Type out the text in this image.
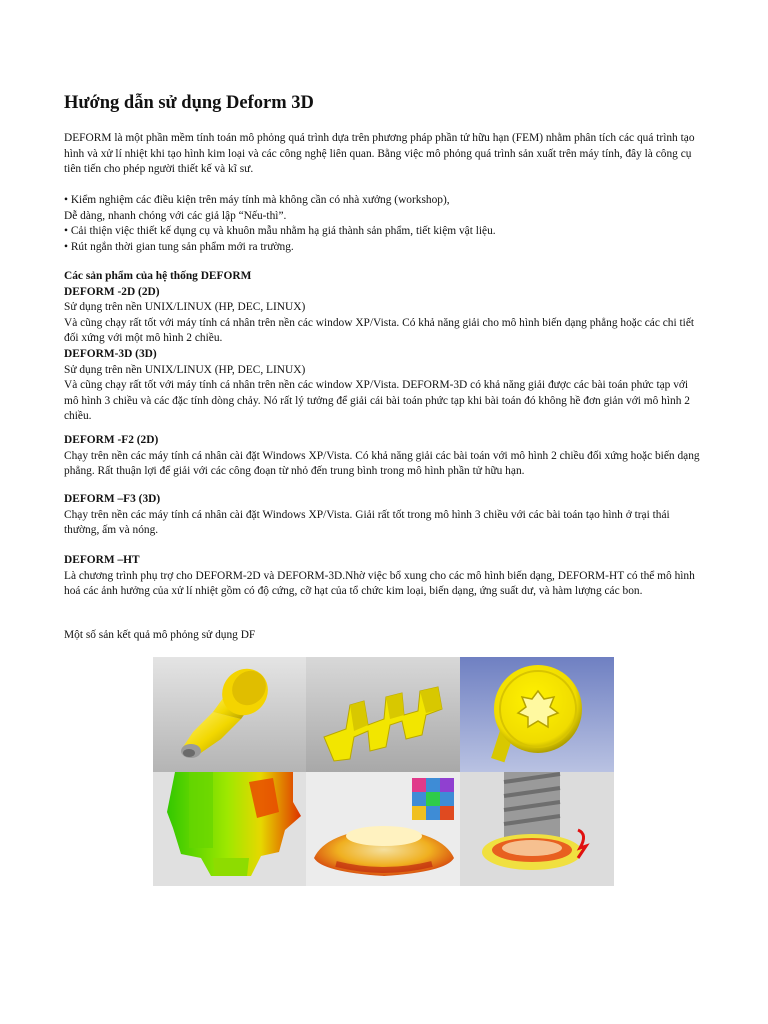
Hướng dẫn sử dụng Deform 3D
DEFORM là một phần mềm tính toán mô phỏng quá trình dựa trên phương pháp phần tử hữu hạn (FEM) nhằm phân tích các quá trình tạo hình và xử lí nhiệt khi tạo hình kim loại và các công nghệ liên quan. Bằng việc mô phỏng quá trình sản xuất trên máy tính, đây là công cụ tiên tiến cho phép người thiết kế và kĩ sư.

• Kiểm nghiệm các điều kiện trên máy tính mà không cần có nhà xưởng (workshop),

Dễ dàng, nhanh chóng với các giả lập “Nếu-thì”.

• Cải thiện việc thiết kế dụng cụ và khuôn mẫu nhằm hạ giá thành sản phẩm, tiết kiệm vật liệu.

• Rút ngắn thời gian tung sản phẩm mới ra trường.

Các sản phẩm của hệ thống DEFORM

DEFORM -2D (2D)

Sử dụng trên nền UNIX/LINUX (HP, DEC, LINUX)

Và cũng chạy rất tốt với máy tính cá nhân trên nền các window XP/Vista. Có khả năng giải cho mô hình biến dạng phẳng hoặc các chi tiết đối xứng với một mô hình 2 chiều.

DEFORM-3D (3D)

Sử dụng trên nền UNIX/LINUX (HP, DEC, LINUX)

Và cũng chạy rất tốt với máy tính cá nhân trên nền các window XP/Vista. DEFORM-3D có khả năng giải được các bài toán phức tạp với mô hình 3 chiều và các đặc tính dòng chảy. Nó rất lý tưởng để giải cái bài toán phức tạp khi bài toán đó không hề đơn giản với mô hình 2 chiều.

DEFORM -F2 (2D)

Chạy trên nền các máy tính cá nhân cài đặt Windows XP/Vista. Có khả năng giải các bài toán với mô hình 2 chiều đối xứng hoặc biến dạng phẳng. Rất thuận lợi để giải với các công đoạn từ nhỏ đến trung bình trong mô hình phần tử hữu hạn.

DEFORM –F3 (3D)

Chạy trên nền các máy tính cá nhân cài đặt Windows XP/Vista. Giải rất tốt trong mô hình 3 chiều với các bài toán tạo hình ở trại thái thường, ấm và nóng.

DEFORM –HT

Là chương trình phụ trợ cho DEFORM-2D và DEFORM-3D.Nhờ việc bổ xung cho các mô hình biến dạng, DEFORM-HT có thể mô hình hoá các ảnh hưởng của xử lí nhiệt gồm có độ cứng, cỡ hạt của tổ chức kim loại, biến dạng, ứng suất dư, và hàm lượng các bon.

Một số sản kết quả mô phỏng sử dụng DF
